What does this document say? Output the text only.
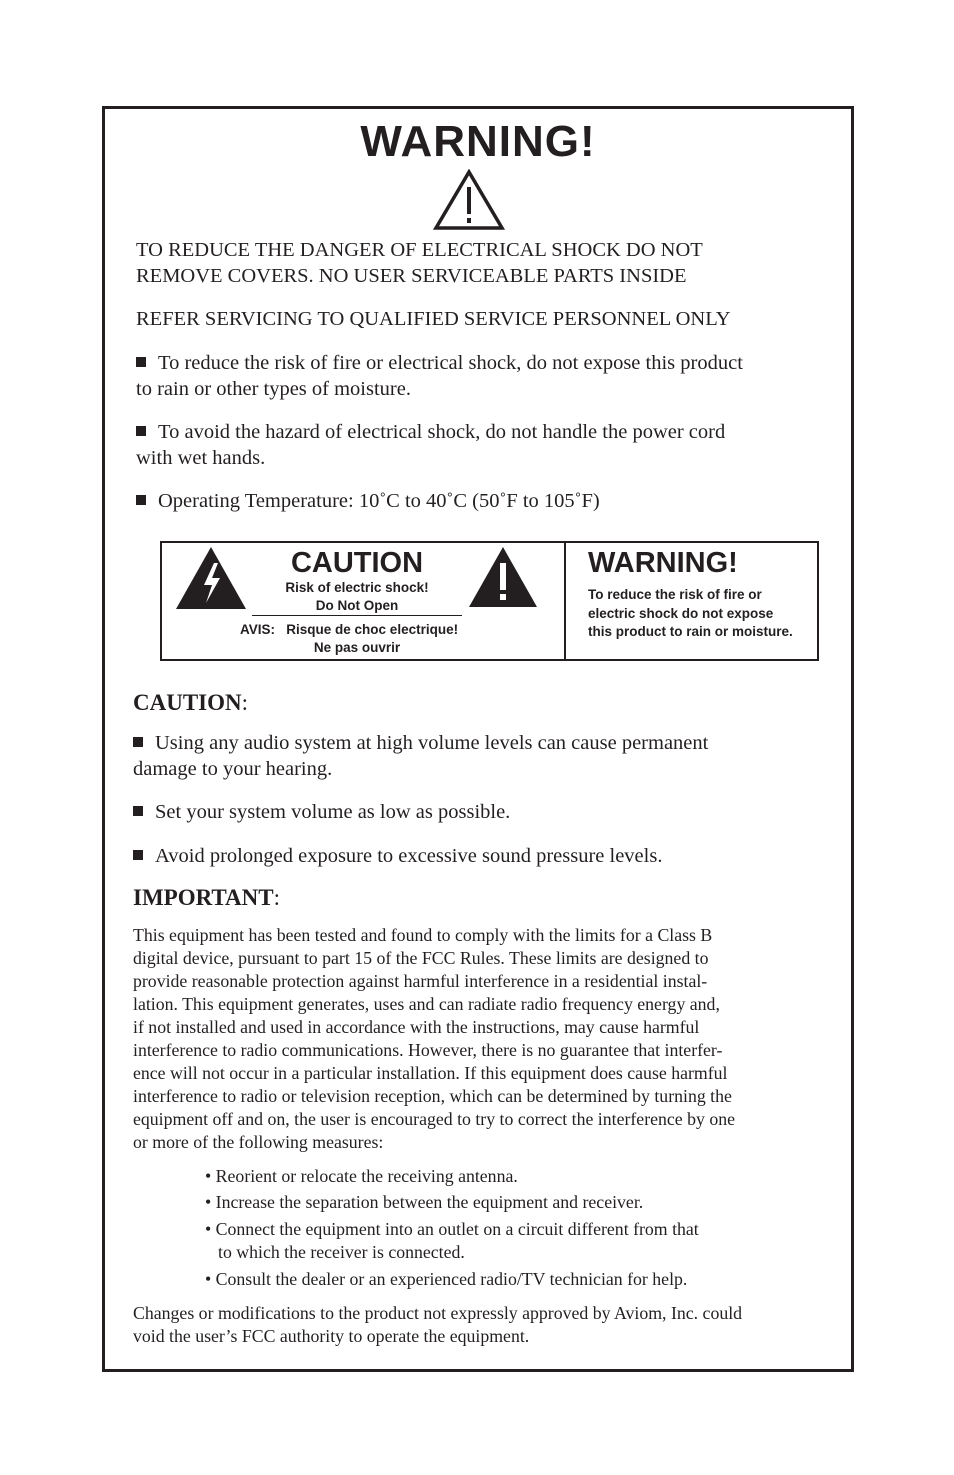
WARNING!
TO REDUCE THE DANGER OF ELECTRICAL SHOCK DO NOT
REMOVE COVERS. NO USER SERVICEABLE PARTS INSIDE
REFER SERVICING TO QUALIFIED SERVICE PERSONNEL ONLY
To reduce the risk of fire or electrical shock, do not expose this product
to rain or other types of moisture.
To avoid the hazard of electrical shock, do not handle the power cord
with wet hands.
Operating Temperature: 10˚C to 40˚C (50˚F to 105˚F)
CAUTION
Risk of electric shock!
Do Not Open
AVIS: Risque de choc electrique!
Ne pas ouvrir
WARNING!
To reduce the risk of fire or
electric shock do not expose
this product to rain or moisture.
CAUTION:
Using any audio system at high volume levels can cause permanent
damage to your hearing.
Set your system volume as low as possible.
Avoid prolonged exposure to excessive sound pressure levels.
IMPORTANT:
This equipment has been tested and found to comply with the limits for a Class B
digital device, pursuant to part 15 of the FCC Rules. These limits are designed to
provide reasonable protection against harmful interference in a residential instal-
lation. This equipment generates, uses and can radiate radio frequency energy and,
if not installed and used in accordance with the instructions, may cause harmful
interference to radio communications. However, there is no guarantee that interfer-
ence will not occur in a particular installation. If this equipment does cause harmful
interference to radio or television reception, which can be determined by turning the
equipment off and on, the user is encouraged to try to correct the interference by one
or more of the following measures:
• Reorient or relocate the receiving antenna.
• Increase the separation between the equipment and receiver.
• Connect the equipment into an outlet on a circuit different from that
to which the receiver is connected.
• Consult the dealer or an experienced radio/TV technician for help.
Changes or modifications to the product not expressly approved by Aviom, Inc. could
void the user’s FCC authority to operate the equipment.
